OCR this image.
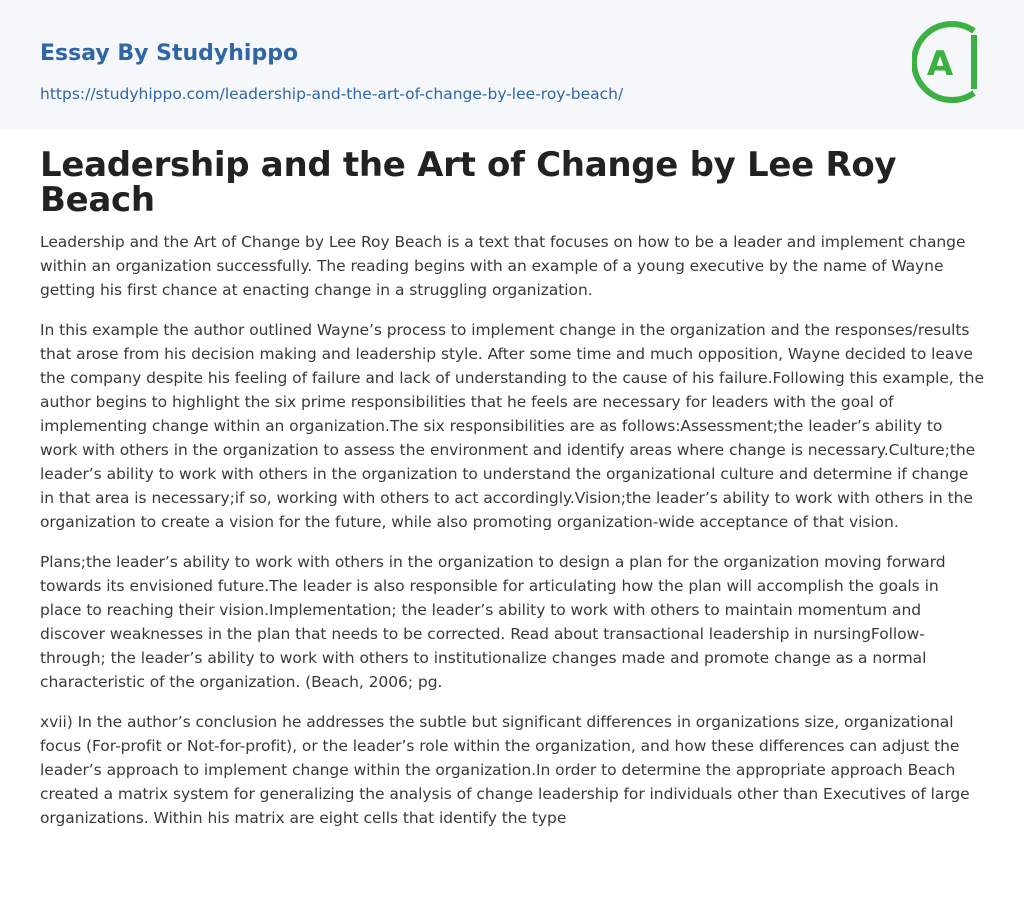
Essay By Studyhippo
https://studyhippo.com/leadership-and-the-art-of-change-by-lee-roy-beach/
A
Leadership and the Art of Change by Lee Roy Beach

Leadership and the Art of Change by Lee Roy Beach is a text that focuses on how to be a leader and implement change within an organization successfully. The reading begins with an example of a young executive by the name of Wayne getting his first chance at enacting change in a struggling organization.

In this example the author outlined Wayne’s process to implement change in the organization and the responses/results that arose from his decision making and leadership style. After some time and much opposition, Wayne decided to leave the company despite his feeling of failure and lack of understanding to the cause of his failure.Following this example, the author begins to highlight the six prime responsibilities that he feels are necessary for leaders with the goal of implementing change within an organization.The six responsibilities are as follows:Assessment;the leader’s ability to work with others in the organization to assess the environment and identify areas where change is necessary.Culture;the leader’s ability to work with others in the organization to understand the organizational culture and determine if change in that area is necessary;if so, working with others to act accordingly.Vision;the leader’s ability to work with others in the organization to create a vision for the future, while also promoting organization-wide acceptance of that vision.

Plans;the leader’s ability to work with others in the organization to design a plan for the organization moving forward towards its envisioned future.The leader is also responsible for articulating how the plan will accomplish the goals in place to reaching their vision.Implementation; the leader’s ability to work with others to maintain momentum and discover weaknesses in the plan that needs to be corrected. Read about transactional leadership in nursingFollow-through; the leader’s ability to work with others to institutionalize changes made and promote change as a normal characteristic of the organization. (Beach, 2006; pg.

xvii) In the author’s conclusion he addresses the subtle but significant differences in organizations size, organizational focus (For-profit or Not-for-profit), or the leader’s role within the organization, and how these differences can adjust the leader’s approach to implement change within the organization.In order to determine the appropriate approach Beach created a matrix system for generalizing the analysis of change leadership for individuals other than Executives of large organizations. Within his matrix are eight cells that identify the type
